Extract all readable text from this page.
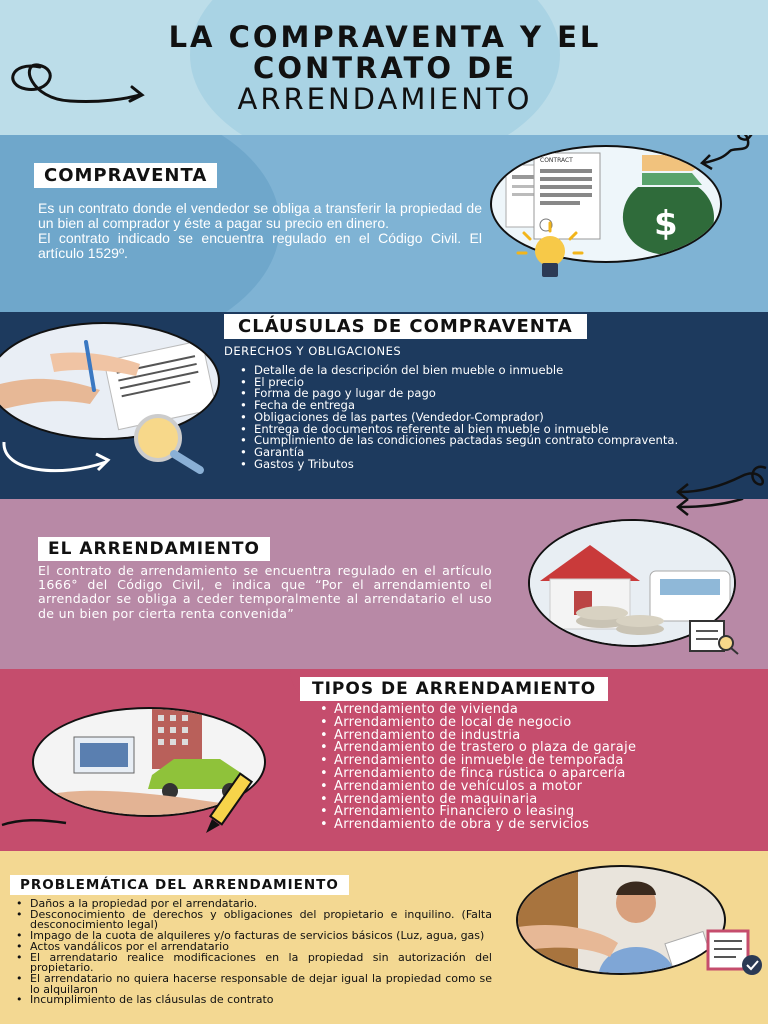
LA COMPRAVENTA Y EL
CONTRATO DE
ARRENDAMIENTO
COMPRAVENTA
Es un contrato donde el vendedor se obliga a transferir la propiedad de un bien al comprador y éste a pagar su precio en dinero.
El contrato indicado se encuentra regulado en el Código Civil. El artículo 1529º.
CONTRACT
$
CLÁUSULAS DE COMPRAVENTA
DERECHOS Y OBLIGACIONES
• Detalle de la descripción del bien mueble o inmueble
• El precio
• Forma de pago y lugar de pago
• Fecha de entrega
• Obligaciones de las partes (Vendedor-Comprador)
• Entrega de documentos referente al bien mueble o inmueble
• Cumplimiento de las condiciones pactadas según contrato compraventa.
• Garantía
• Gastos y Tributos
EL ARRENDAMIENTO
El contrato de arrendamiento se encuentra regulado en el artículo 1666° del Código Civil, e indica que “Por el arrendamiento el arrendador se obliga a ceder temporalmente al arrendatario el uso de un bien por cierta renta convenida”
TIPOS DE ARRENDAMIENTO
• Arrendamiento de vivienda
• Arrendamiento de local de negocio
• Arrendamiento de industria
• Arrendamiento de trastero o plaza de garaje
• Arrendamiento de inmueble de temporada
• Arrendamiento de finca rústica o aparcería
• Arrendamiento de vehículos a motor
• Arrendamiento de maquinaria
• Arrendamiento Financiero o leasing
• Arrendamiento de obra y de servicios
PROBLEMÁTICA DEL ARRENDAMIENTO
• Daños a la propiedad por el arrendatario.
• Desconocimiento de derechos y obligaciones del propietario e inquilino. (Falta desconocimiento legal)
• Impago de la cuota de alquileres y/o facturas de servicios básicos (Luz, agua, gas)
• Actos vandálicos por el arrendatario
• El arrendatario realice modificaciones en la propiedad sin autorización del propietario.
• El arrendatario no quiera hacerse responsable de dejar igual la propiedad como se lo alquilaron
• Incumplimiento de las cláusulas de contrato
